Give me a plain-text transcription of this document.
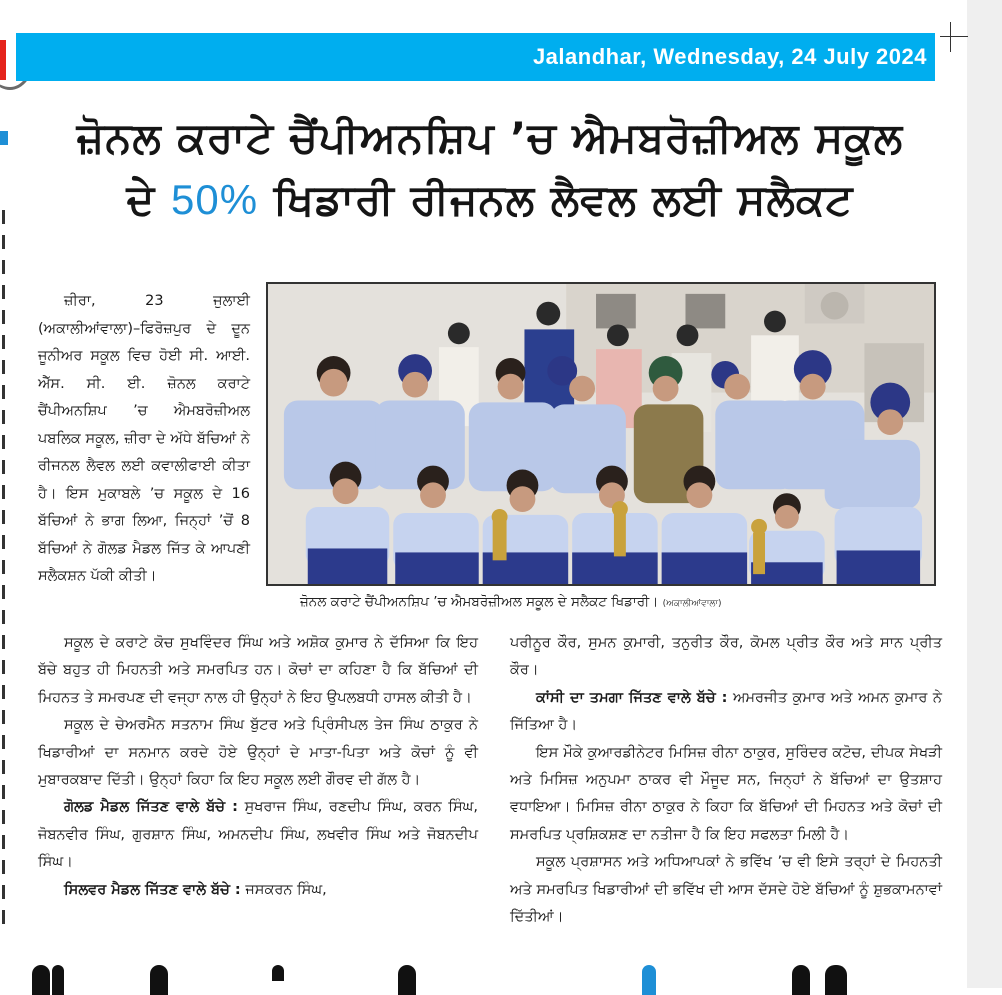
Jalandhar, Wednesday, 24 July 2024
ਜ਼ੋਨਲ ਕਰਾਟੇ ਚੈਂਪੀਅਨਸ਼ਿਪ ’ਚ ਐਮਬਰੋਜ਼ੀਅਲ ਸਕੂਲ
ਦੇ 50% ਖਿਡਾਰੀ ਰੀਜਨਲ ਲੈਵਲ ਲਈ ਸਲੈਕਟ

ਜ਼ੀਰਾ, 23 ਜੁਲਾਈ (ਅਕਾਲੀਆਂਵਾਲਾ)–ਫਿਰੋਜ਼ਪੁਰ ਦੇ ਦੂਨ ਜੂਨੀਅਰ ਸਕੂਲ ਵਿਚ ਹੋਈ ਸੀ. ਆਈ. ਐੱਸ. ਸੀ. ਈ. ਜ਼ੋਨਲ ਕਰਾਟੇ ਚੈਂਪੀਅਨਸ਼ਿਪ ’ਚ ਐਮਬਰੋਜ਼ੀਅਲ ਪਬਲਿਕ ਸਕੂਲ, ਜ਼ੀਰਾ ਦੇ ਅੱਧੇ ਬੱਚਿਆਂ ਨੇ ਰੀਜਨਲ ਲੈਵਲ ਲਈ ਕਵਾਲੀਫਾਈ ਕੀਤਾ ਹੈ। ਇਸ ਮੁਕਾਬਲੇ ’ਚ ਸਕੂਲ ਦੇ 16 ਬੱਚਿਆਂ ਨੇ ਭਾਗ ਲਿਆ, ਜਿਨ੍ਹਾਂ ’ਚੋਂ 8 ਬੱਚਿਆਂ ਨੇ ਗੋਲਡ ਮੈਡਲ ਜਿੱਤ ਕੇ ਆਪਣੀ ਸਲੈਕਸ਼ਨ ਪੱਕੀ ਕੀਤੀ।

ਜ਼ੋਨਲ ਕਰਾਟੇ ਚੈਂਪੀਅਨਸ਼ਿਪ ’ਚ ਐਮਬਰੋਜ਼ੀਅਲ ਸਕੂਲ ਦੇ ਸਲੈਕਟ ਖਿਡਾਰੀ। (ਅਕਾਲੀਆਂਵਾਲਾ)

ਸਕੂਲ ਦੇ ਕਰਾਟੇ ਕੋਚ ਸੁਖਵਿੰਦਰ ਸਿੰਘ ਅਤੇ ਅਸ਼ੋਕ ਕੁਮਾਰ ਨੇ ਦੱਸਿਆ ਕਿ ਇਹ ਬੱਚੇ ਬਹੁਤ ਹੀ ਮਿਹਨਤੀ ਅਤੇ ਸਮਰਪਿਤ ਹਨ। ਕੋਚਾਂ ਦਾ ਕਹਿਣਾ ਹੈ ਕਿ ਬੱਚਿਆਂ ਦੀ ਮਿਹਨਤ ਤੇ ਸਮਰਪਣ ਦੀ ਵਜ੍ਹਾ ਨਾਲ ਹੀ ਉਨ੍ਹਾਂ ਨੇ ਇਹ ਉਪਲਬਧੀ ਹਾਸਲ ਕੀਤੀ ਹੈ।

ਸਕੂਲ ਦੇ ਚੇਅਰਮੈਨ ਸਤਨਾਮ ਸਿੰਘ ਬੁੱਟਰ ਅਤੇ ਪ੍ਰਿੰਸੀਪਲ ਤੇਜ ਸਿੰਘ ਠਾਕੁਰ ਨੇ ਖਿਡਾਰੀਆਂ ਦਾ ਸਨਮਾਨ ਕਰਦੇ ਹੋਏ ਉਨ੍ਹਾਂ ਦੇ ਮਾਤਾ-ਪਿਤਾ ਅਤੇ ਕੋਚਾਂ ਨੂੰ ਵੀ ਮੁਬਾਰਕਬਾਦ ਦਿੱਤੀ। ਉਨ੍ਹਾਂ ਕਿਹਾ ਕਿ ਇਹ ਸਕੂਲ ਲਈ ਗੌਰਵ ਦੀ ਗੱਲ ਹੈ।

ਗੋਲਡ ਮੈਡਲ ਜਿੱਤਣ ਵਾਲੇ ਬੱਚੇ : ਸੁਖਰਾਜ ਸਿੰਘ, ਰਣਦੀਪ ਸਿੰਘ, ਕਰਨ ਸਿੰਘ, ਜੋਬਨਵੀਰ ਸਿੰਘ, ਗੁਰਸ਼ਾਨ ਸਿੰਘ, ਅਮਨਦੀਪ ਸਿੰਘ, ਲਖਵੀਰ ਸਿੰਘ ਅਤੇ ਜੋਬਨਦੀਪ ਸਿੰਘ।

ਸਿਲਵਰ ਮੈਡਲ ਜਿੱਤਣ ਵਾਲੇ ਬੱਚੇ : ਜਸਕਰਨ ਸਿੰਘ,

ਪਰੀਨੂਰ ਕੌਰ, ਸੁਮਨ ਕੁਮਾਰੀ, ਤਨੁਰੀਤ ਕੌਰ, ਕੋਮਲ ਪ੍ਰੀਤ ਕੌਰ ਅਤੇ ਸਾਨ ਪ੍ਰੀਤ ਕੌਰ।

ਕਾਂਸੀ ਦਾ ਤਮਗਾ ਜਿੱਤਣ ਵਾਲੇ ਬੱਚੇ : ਅਮਰਜੀਤ ਕੁਮਾਰ ਅਤੇ ਅਮਨ ਕੁਮਾਰ ਨੇ ਜਿੱਤਿਆ ਹੈ।

ਇਸ ਮੌਕੇ ਕੁਆਰਡੀਨੇਟਰ ਮਿਸਿਜ਼ ਰੀਨਾ ਠਾਕੁਰ, ਸੁਰਿੰਦਰ ਕਟੋਚ, ਦੀਪਕ ਸੇਖੜੀ ਅਤੇ ਮਿਸਿਜ਼ ਅਨੁਪਮਾ ਠਾਕਰ ਵੀ ਮੌਜੂਦ ਸਨ, ਜਿਨ੍ਹਾਂ ਨੇ ਬੱਚਿਆਂ ਦਾ ਉਤਸ਼ਾਹ ਵਧਾਇਆ। ਮਿਸਿਜ਼ ਰੀਨਾ ਠਾਕੁਰ ਨੇ ਕਿਹਾ ਕਿ ਬੱਚਿਆਂ ਦੀ ਮਿਹਨਤ ਅਤੇ ਕੋਚਾਂ ਦੀ ਸਮਰਪਿਤ ਪ੍ਰਸ਼ਿਕਸ਼ਣ ਦਾ ਨਤੀਜਾ ਹੈ ਕਿ ਇਹ ਸਫਲਤਾ ਮਿਲੀ ਹੈ।

ਸਕੂਲ ਪ੍ਰਸ਼ਾਸਨ ਅਤੇ ਅਧਿਆਪਕਾਂ ਨੇ ਭਵਿੱਖ ’ਚ ਵੀ ਇਸੇ ਤਰ੍ਹਾਂ ਦੇ ਮਿਹਨਤੀ ਅਤੇ ਸਮਰਪਿਤ ਖਿਡਾਰੀਆਂ ਦੀ ਭਵਿੱਖ ਦੀ ਆਸ ਦੱਸਦੇ ਹੋਏ ਬੱਚਿਆਂ ਨੂੰ ਸ਼ੁਭਕਾਮਨਾਵਾਂ ਦਿੱਤੀਆਂ।
